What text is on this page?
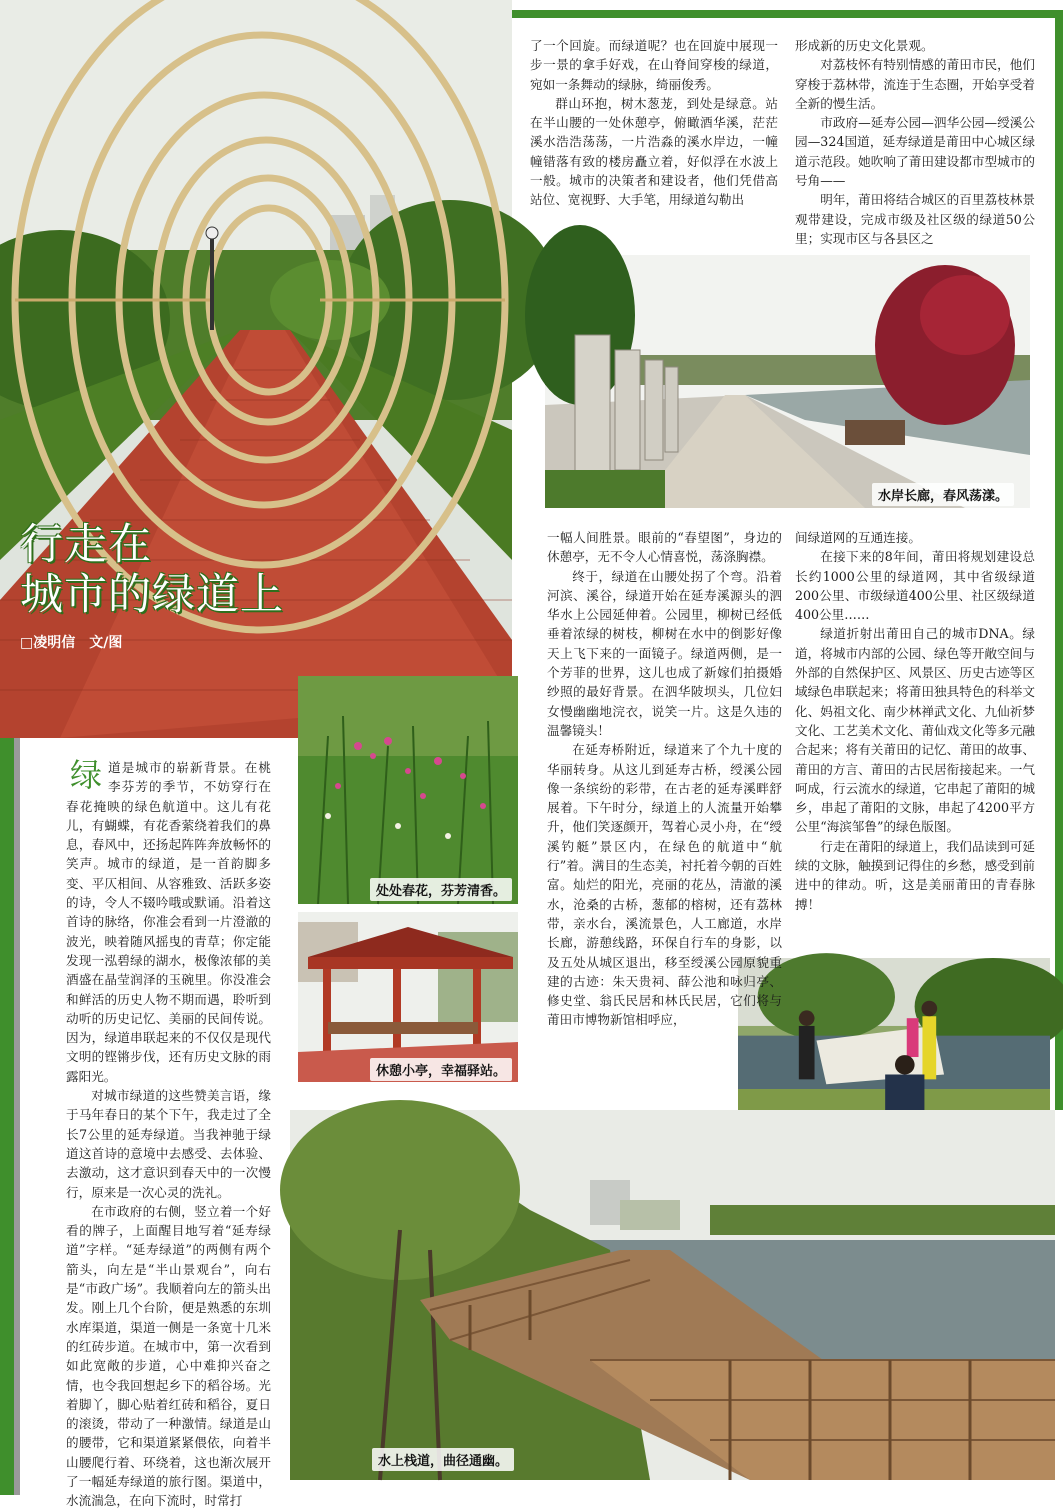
行走在
城市的绿道上
□凌明信　文/图
水岸长廊，春风荡漾。
处处春花，芬芳清香。
休憩小亭，幸福驿站。
水上栈道，曲径通幽。

绿道是城市的崭新背景。在桃李芬芳的季节，不妨穿行在春花掩映的绿色航道中。这儿有花儿，有蝴蝶，有花香萦绕着我们的鼻息，春风中，还扬起阵阵奔放畅怀的笑声。城市的绿道，是一首韵脚多变、平仄相间、从容雅致、活跃多姿的诗，令人不辍吟哦或默诵。沿着这首诗的脉络，你准会看到一片澄澈的波光，映着随风摇曳的青草；你定能发现一泓碧绿的湖水，极像浓郁的美酒盛在晶莹润泽的玉碗里。你没准会和鲜活的历史人物不期而遇，聆听到动听的历史记忆、美丽的民间传说。因为，绿道串联起来的不仅仅是现代文明的铿锵步伐，还有历史文脉的雨露阳光。

对城市绿道的这些赞美言语，缘于马年春日的某个下午，我走过了全长7公里的延寿绿道。当我神驰于绿道这首诗的意境中去感受、去体验、去激动，这才意识到春天中的一次慢行，原来是一次心灵的洗礼。

在市政府的右侧，竖立着一个好看的牌子，上面醒目地写着“延寿绿道”字样。“延寿绿道”的两侧有两个箭头，向左是“半山景观台”，向右是“市政广场”。我顺着向左的箭头出发。刚上几个台阶，便是熟悉的东圳水库渠道，渠道一侧是一条宽十几米的红砖步道。在城市中，第一次看到如此宽敞的步道，心中难抑兴奋之情，也令我回想起乡下的稻谷场。光着脚丫，脚心贴着红砖和稻谷，夏日的滚烫，带动了一种激情。绿道是山的腰带，它和渠道紧紧偎依，向着半山腰爬行着、环绕着，这也渐次展开了一幅延寿绿道的旅行图。渠道中，水流湍急，在向下流时，时常打

了一个回旋。而绿道呢？也在回旋中展现一步一景的拿手好戏，在山脊间穿梭的绿道，宛如一条舞动的绿脉，绮丽俊秀。

群山环抱，树木葱茏，到处是绿意。站在半山腰的一处休憩亭，俯瞰酒华溪，茫茫溪水浩浩荡荡，一片浩淼的溪水岸边，一幢幢错落有致的楼房矗立着，好似浮在水波上一般。城市的决策者和建设者，他们凭借高站位、宽视野、大手笔，用绿道勾勒出

形成新的历史文化景观。

对荔枝怀有特别情感的莆田市民，他们穿梭于荔林带，流连于生态圈，开始享受着全新的慢生活。

市政府—延寿公园—泗华公园—绶溪公园—324国道，延寿绿道是莆田中心城区绿道示范段。她吹响了莆田建设都市型城市的号角——

明年，莆田将结合城区的百里荔枝林景观带建设，完成市级及社区级的绿道50公里；实现市区与各县区之

一幅人间胜景。眼前的“春望图”，身边的休憩亭，无不令人心情喜悦，荡涤胸襟。

终于，绿道在山腰处拐了个弯。沿着河滨、溪谷，绿道开始在延寿溪源头的泗华水上公园延伸着。公园里，柳树已经低垂着浓绿的树枝，柳树在水中的倒影好像天上飞下来的一面镜子。绿道两侧，是一个芳菲的世界，这儿也成了新嫁们拍摄婚纱照的最好背景。在泗华陂坝头，几位妇女慢幽幽地浣衣，说笑一片。这是久违的温馨镜头！

在延寿桥附近，绿道来了个九十度的华丽转身。从这儿到延寿古桥，绶溪公园像一条缤纷的彩带，在古老的延寿溪畔舒展着。下午时分，绿道上的人流量开始攀升，他们笑逐颜开，驾着心灵小舟，在“绶溪钓艇”景区内，在绿色的航道中“航行”着。满目的生态美，衬托着今朝的百姓富。灿烂的阳光，亮丽的花丛，清澈的溪水，沧桑的古桥，葱郁的榕树，还有荔林带，亲水台，溪流景色，人工廊道，水岸长廊，游憩线路，环保自行车的身影，以及五处从城区退出，移至绶溪公园原貌重建的古迹：朱天贵祠、薛公池和咏归亭、修史堂、翁氏民居和林氏民居，它们将与莆田市博物新馆相呼应，

间绿道网的互通连接。

在接下来的8年间，莆田将规划建设总长约1000公里的绿道网，其中省级绿道200公里、市级绿道400公里、社区级绿道400公里……

绿道折射出莆田自己的城市DNA。绿道，将城市内部的公园、绿色等开敞空间与外部的自然保护区、风景区、历史古迹等区域绿色串联起来；将莆田独具特色的科举文化、妈祖文化、南少林禅武文化、九仙祈梦文化、工艺美术文化、莆仙戏文化等多元融合起来；将有关莆田的记忆、莆田的故事、莆田的方言、莆田的古民居衔接起来。一气呵成，行云流水的绿道，它串起了莆阳的城乡，串起了莆阳的文脉，串起了4200平方公里“海滨邹鲁”的绿色版图。

行走在莆阳的绿道上，我们品读到可延续的文脉，触摸到记得住的乡愁，感受到前进中的律动。听，这是美丽莆田的青春脉搏！
